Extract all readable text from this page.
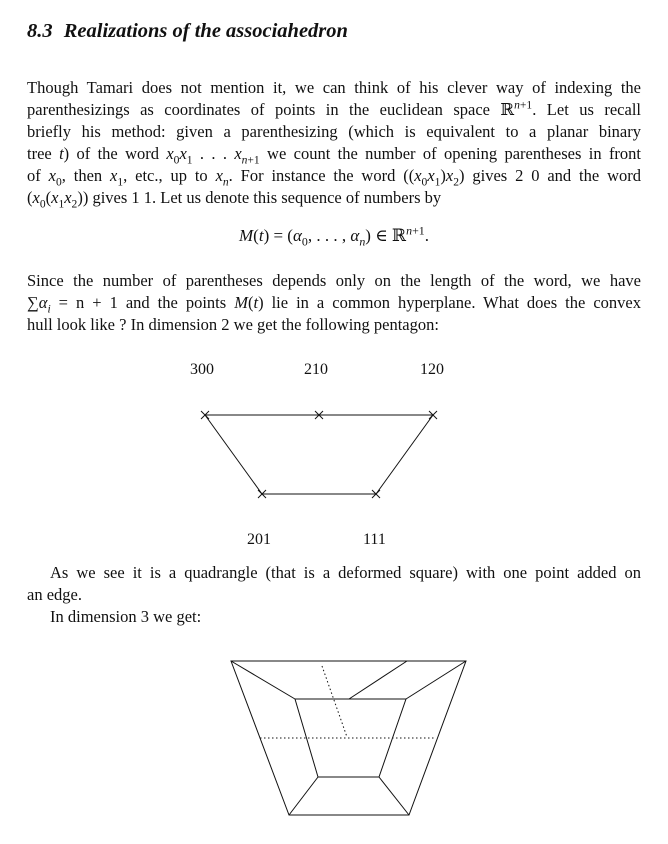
8.3 Realizations of the associahedron
Though Tamari does not mention it, we can think of his clever way of indexing the
parenthesizings as coordinates of points in the euclidean space ℝ$^{n+1}$. Let us recall
briefly his method: given a parenthesizing (which is equivalent to a planar binary
tree t) of the word $x_0x_1$ . . . $x_{n+1}$ we count the number of opening parentheses in front
of $x_0$, then $x_1$, etc., up to $x_n$. For instance the word $((x_0x_1)x_2)$ gives 2 0 and the word
$(x_0(x_1x_2))$ gives 1 1. Let us denote this sequence of numbers by
$M(t) = (\alpha_0$, . . . , $\alpha_n$) ∈ ℝ$^{n+1}$.
Since the number of parentheses depends only on the length of the word, we have
$\sum\alpha_i = n + 1$ and the points M(t) lie in a common hyperplane. What does the convex
hull look like ? In dimension 2 we get the following pentagon:
300	210	120
201	111
As we see it is a quadrangle (that is a deformed square) with one point added on
an edge.
In dimension 3 we get:
